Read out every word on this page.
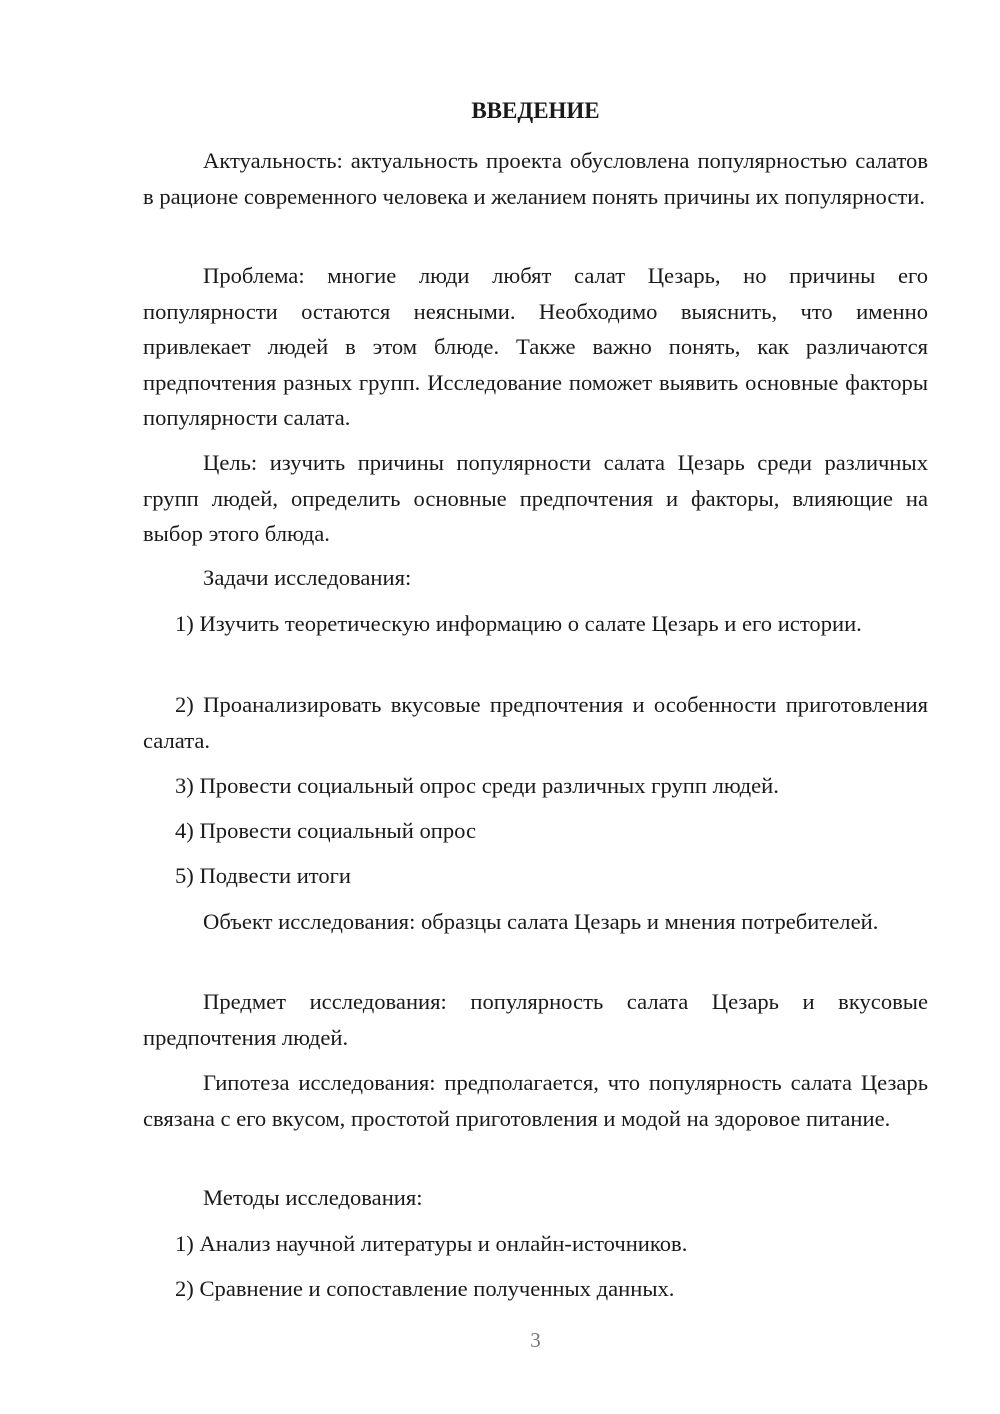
ВВЕДЕНИЕ
Актуальность: актуальность проекта обусловлена популярностью салатов в рационе современного человека и желанием понять причины их популярности.
Проблема: многие люди любят салат Цезарь, но причины его популярности остаются неясными. Необходимо выяснить, что именно привлекает людей в этом блюде. Также важно понять, как различаются предпочтения разных групп. Исследование поможет выявить основные факторы популярности салата.
Цель: изучить причины популярности салата Цезарь среди различных групп людей, определить основные предпочтения и факторы, влияющие на выбор этого блюда.
Задачи исследования:
1) Изучить теоретическую информацию о салате Цезарь и его истории.
2) Проанализировать вкусовые предпочтения и особенности приготовления салата.
3) Провести социальный опрос среди различных групп людей.
4) Провести социальный опрос
5) Подвести итоги
Объект исследования: образцы салата Цезарь и мнения потребителей.
Предмет исследования: популярность салата Цезарь и вкусовые предпочтения людей.
Гипотеза исследования: предполагается, что популярность салата Цезарь связана с его вкусом, простотой приготовления и модой на здоровое питание.
Методы исследования:
1) Анализ научной литературы и онлайн-источников.
2) Сравнение и сопоставление полученных данных.
3
